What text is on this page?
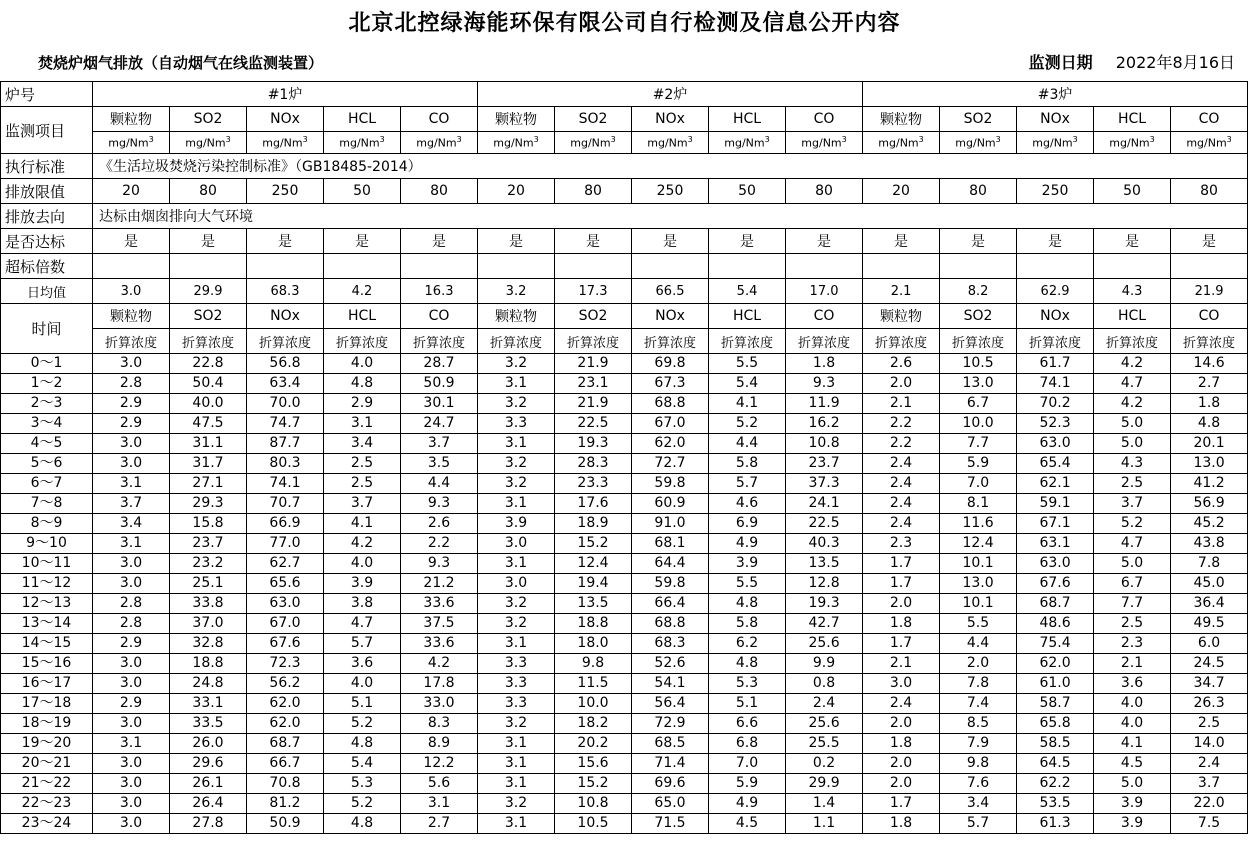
北京北控绿海能环保有限公司自行检测及信息公开内容
焚烧炉烟气排放（自动烟气在线监测装置）	监测日期 2022年8月16日
炉号	#1炉					#2炉					#3炉				
监测项目	颗粒物	SO2	NOx	HCL	CO	颗粒物	SO2	NOx	HCL	CO	颗粒物	SO2	NOx	HCL	CO
	mg/Nm$^3$	mg/Nm$^3$	mg/Nm$^3$	mg/Nm$^3$	mg/Nm$^3$	mg/Nm$^3$	mg/Nm$^3$	mg/Nm$^3$	mg/Nm$^3$	mg/Nm$^3$	mg/Nm$^3$	mg/Nm$^3$	mg/Nm$^3$	mg/Nm$^3$	mg/Nm$^3$
执行标准	《生活垃圾焚烧污染控制标准》（GB18485-2014）														
排放限值	20	80	250	50	80	20	80	250	50	80	20	80	250	50	80
排放去向	达标由烟囱排向大气环境														
是否达标	是	是	是	是	是	是	是	是	是	是	是	是	是	是	是
超标倍数															
日均值	3.0	29.9	68.3	4.2	16.3	3.2	17.3	66.5	5.4	17.0	2.1	8.2	62.9	4.3	21.9
时间	颗粒物	SO2	NOx	HCL	CO	颗粒物	SO2	NOx	HCL	CO	颗粒物	SO2	NOx	HCL	CO
	折算浓度	折算浓度	折算浓度	折算浓度	折算浓度	折算浓度	折算浓度	折算浓度	折算浓度	折算浓度	折算浓度	折算浓度	折算浓度	折算浓度	折算浓度
0～1	3.0	22.8	56.8	4.0	28.7	3.2	21.9	69.8	5.5	1.8	2.6	10.5	61.7	4.2	14.6
1～2	2.8	50.4	63.4	4.8	50.9	3.1	23.1	67.3	5.4	9.3	2.0	13.0	74.1	4.7	2.7
2～3	2.9	40.0	70.0	2.9	30.1	3.2	21.9	68.8	4.1	11.9	2.1	6.7	70.2	4.2	1.8
3～4	2.9	47.5	74.7	3.1	24.7	3.3	22.5	67.0	5.2	16.2	2.2	10.0	52.3	5.0	4.8
4～5	3.0	31.1	87.7	3.4	3.7	3.1	19.3	62.0	4.4	10.8	2.2	7.7	63.0	5.0	20.1
5～6	3.0	31.7	80.3	2.5	3.5	3.2	28.3	72.7	5.8	23.7	2.4	5.9	65.4	4.3	13.0
6～7	3.1	27.1	74.1	2.5	4.4	3.2	23.3	59.8	5.7	37.3	2.4	7.0	62.1	2.5	41.2
7～8	3.7	29.3	70.7	3.7	9.3	3.1	17.6	60.9	4.6	24.1	2.4	8.1	59.1	3.7	56.9
8～9	3.4	15.8	66.9	4.1	2.6	3.9	18.9	91.0	6.9	22.5	2.4	11.6	67.1	5.2	45.2
9～10	3.1	23.7	77.0	4.2	2.2	3.0	15.2	68.1	4.9	40.3	2.3	12.4	63.1	4.7	43.8
10～11	3.0	23.2	62.7	4.0	9.3	3.1	12.4	64.4	3.9	13.5	1.7	10.1	63.0	5.0	7.8
11～12	3.0	25.1	65.6	3.9	21.2	3.0	19.4	59.8	5.5	12.8	1.7	13.0	67.6	6.7	45.0
12～13	2.8	33.8	63.0	3.8	33.6	3.2	13.5	66.4	4.8	19.3	2.0	10.1	68.7	7.7	36.4
13～14	2.8	37.0	67.0	4.7	37.5	3.2	18.8	68.8	5.8	42.7	1.8	5.5	48.6	2.5	49.5
14～15	2.9	32.8	67.6	5.7	33.6	3.1	18.0	68.3	6.2	25.6	1.7	4.4	75.4	2.3	6.0
15～16	3.0	18.8	72.3	3.6	4.2	3.3	9.8	52.6	4.8	9.9	2.1	2.0	62.0	2.1	24.5
16～17	3.0	24.8	56.2	4.0	17.8	3.3	11.5	54.1	5.3	0.8	3.0	7.8	61.0	3.6	34.7
17～18	2.9	33.1	62.0	5.1	33.0	3.3	10.0	56.4	5.1	2.4	2.4	7.4	58.7	4.0	26.3
18～19	3.0	33.5	62.0	5.2	8.3	3.2	18.2	72.9	6.6	25.6	2.0	8.5	65.8	4.0	2.5
19～20	3.1	26.0	68.7	4.8	8.9	3.1	20.2	68.5	6.8	25.5	1.8	7.9	58.5	4.1	14.0
20～21	3.0	29.6	66.7	5.4	12.2	3.1	15.6	71.4	7.0	0.2	2.0	9.8	64.5	4.5	2.4
21～22	3.0	26.1	70.8	5.3	5.6	3.1	15.2	69.6	5.9	29.9	2.0	7.6	62.2	5.0	3.7
22～23	3.0	26.4	81.2	5.2	3.1	3.2	10.8	65.0	4.9	1.4	1.7	3.4	53.5	3.9	22.0
23～24	3.0	27.8	50.9	4.8	2.7	3.1	10.5	71.5	4.5	1.1	1.8	5.7	61.3	3.9	7.5
